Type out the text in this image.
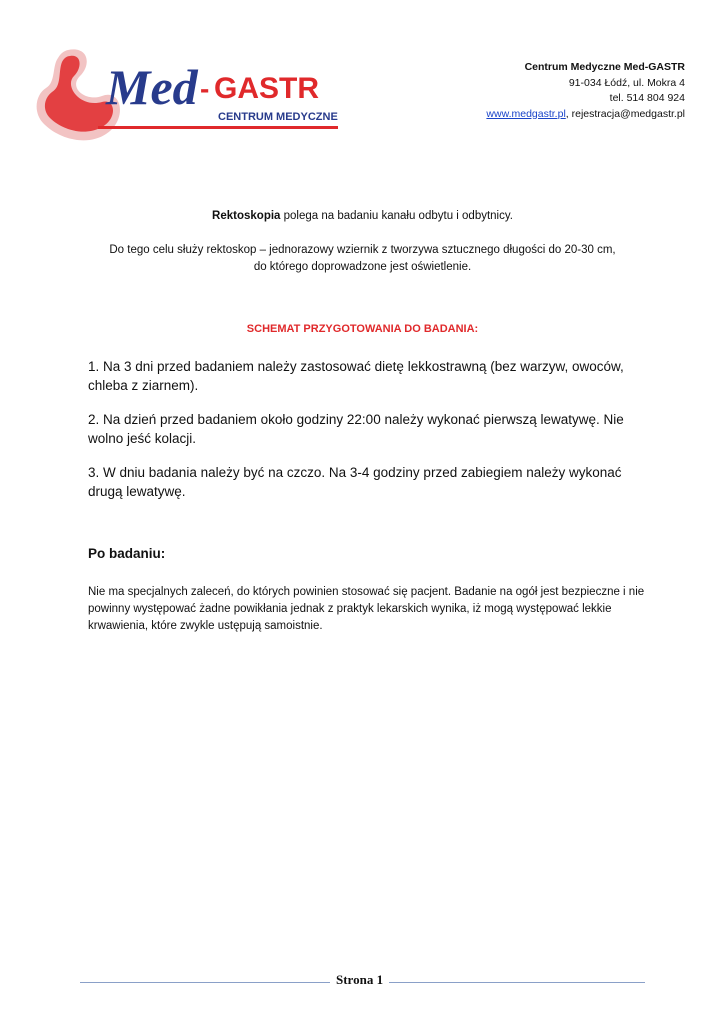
Med - GASTR
CENTRUM MEDYCZNE
Centrum Medyczne Med-GASTR
91-034 Łódź, ul. Mokra 4
tel. 514 804 924
www.medgastr.pl, rejestracja@medgastr.pl
Rektoskopia polega na badaniu kanału odbytu i odbytnicy.
Do tego celu służy rektoskop – jednorazowy wziernik z tworzywa sztucznego długości do 20-30 cm,
do którego doprowadzone jest oświetlenie.
SCHEMAT PRZYGOTOWANIA DO BADANIA:

1. Na 3 dni przed badaniem należy zastosować dietę lekkostrawną (bez warzyw, owoców, chleba z ziarnem).

2. Na dzień przed badaniem około godziny 22:00 należy wykonać pierwszą lewatywę. Nie wolno jeść kolacji.

3. W dniu badania należy być na czczo. Na 3-4 godziny przed zabiegiem należy wykonać drugą lewatywę.

Po badaniu:
Nie ma specjalnych zaleceń, do których powinien stosować się pacjent. Badanie na ogół jest bezpieczne i nie powinny występować żadne powikłania jednak z praktyk lekarskich wynika, iż mogą występować lekkie krwawienia, które zwykle ustępują samoistnie.
Strona 1
